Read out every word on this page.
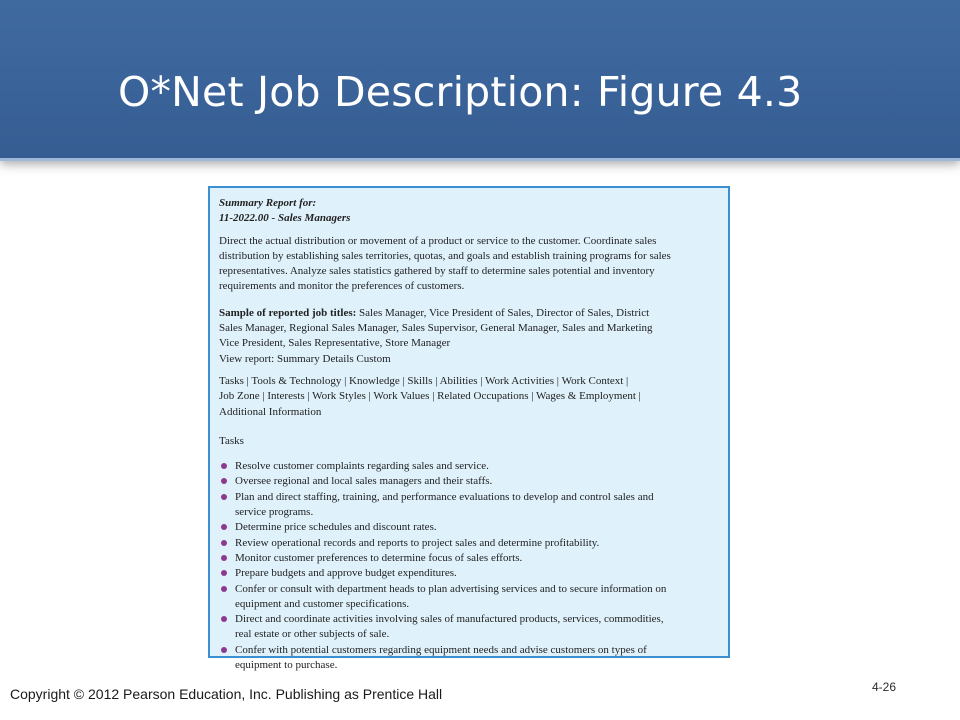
O*Net Job Description: Figure 4.3

Summary Report for:

11-2022.00 - Sales Managers

Direct the actual distribution or movement of a product or service to the customer. Coordinate sales
distribution by establishing sales territories, quotas, and goals and establish training programs for sales
representatives. Analyze sales statistics gathered by staff to determine sales potential and inventory
requirements and monitor the preferences of customers.

Sample of reported job titles: Sales Manager, Vice President of Sales, Director of Sales, District
Sales Manager, Regional Sales Manager, Sales Supervisor, General Manager, Sales and Marketing
Vice President, Sales Representative, Store Manager

View report: Summary Details Custom

Tasks | Tools & Technology | Knowledge | Skills | Abilities | Work Activities | Work Context |
Job Zone | Interests | Work Styles | Work Values | Related Occupations | Wages & Employment |
Additional Information

Tasks

Resolve customer complaints regarding sales and service.
Oversee regional and local sales managers and their staffs.
Plan and direct staffing, training, and performance evaluations to develop and control sales and
service programs.
Determine price schedules and discount rates.
Review operational records and reports to project sales and determine profitability.
Monitor customer preferences to determine focus of sales efforts.
Prepare budgets and approve budget expenditures.
Confer or consult with department heads to plan advertising services and to secure information on
equipment and customer specifications.
Direct and coordinate activities involving sales of manufactured products, services, commodities,
real estate or other subjects of sale.
Confer with potential customers regarding equipment needs and advise customers on types of
equipment to purchase.
Copyright © 2012 Pearson Education, Inc. Publishing as Prentice Hall	4-26
